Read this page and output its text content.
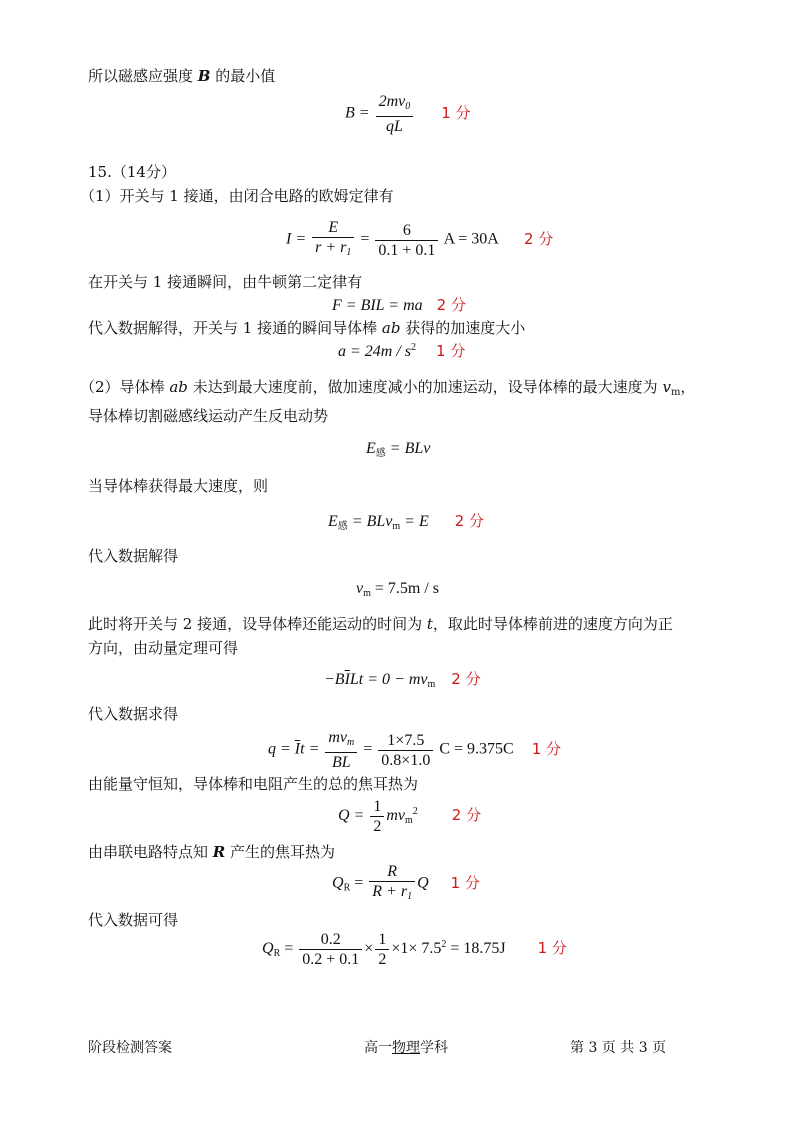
所以磁感应强度 B 的最小值
$B = \frac{2mv_0}{qL} 1$ 分
15.（14分）
（1）开关与 1 接通，由闭合电路的欧姆定律有
$I = \frac{E}{r + r_1} = \frac{6}{0.1 + 0.1}$ A = 30A 2 分
在开关与 1 接通瞬间，由牛顿第二定律有
F = BIL = ma 2 分
代入数据解得，开关与 1 接通的瞬间导体棒 ab 获得的加速度大小
$a = 24m / s^2$ 1 分
（2）导体棒 ab 未达到最大速度前，做加速度减小的加速运动，设导体棒的最大速度为 $v_m$，
导体棒切割磁感线运动产生反电动势
$E_感$ = BLv
当导体棒获得最大速度，则
$E_感 = BLv_m = E$ 2 分
代入数据解得
$v_m = 7.5m / s$
此时将开关与 2 接通，设导体棒还能运动的时间为 t，取此时导体棒前进的速度方向为正
方向，由动量定理可得
$-B\overline{I}Lt = 0 - mv_m$ 2 分
代入数据求得
$q = \overline{I}t = \frac{mv_m}{BL} = \frac{1\times 7.5}{0.8\times 1.0}$ C = 9.375C 1 分
由能量守恒知，导体棒和电阻产生的总的焦耳热为
$Q = \frac{1}{2} mv_m^2$ 2 分
由串联电路特点知 R 产生的焦耳热为
$Q_R = \frac{R}{R + r_1}$ Q 1 分
代入数据可得
$Q_R = \frac{0.2}{0.2 + 0.1} \times \frac{1}{2} \times 1\times 7.5^2 = 18.75J$ 1 分
阶段检测答案	高一物理学科	第 3 页 共 3 页
